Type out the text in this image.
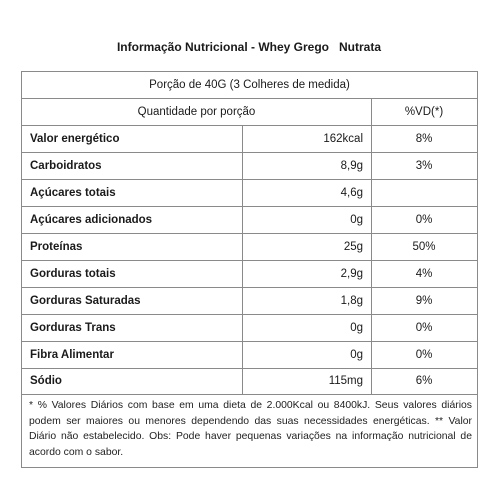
Informação Nutricional - Whey Grego Nutrata
Porção de 40G (3 Colheres de medida)
Quantidade por porção	%VD(*)
Valor energético	162kcal	8%
Carboidratos	8,9g	3%
Açúcares totais	4,6g
Açúcares adicionados	0g	0%
Proteínas	25g	50%
Gorduras totais	2,9g	4%
Gorduras Saturadas	1,8g	9%
Gorduras Trans	0g	0%
Fibra Alimentar	0g	0%
Sódio	115mg	6%
* % Valores Diários com base em uma dieta de 2.000Kcal ou 8400kJ. Seus valores diários podem ser maiores ou menores dependendo das suas necessidades energéticas. ** Valor Diário não estabelecido. Obs: Pode haver pequenas variações na informação nutricional de acordo com o sabor.
